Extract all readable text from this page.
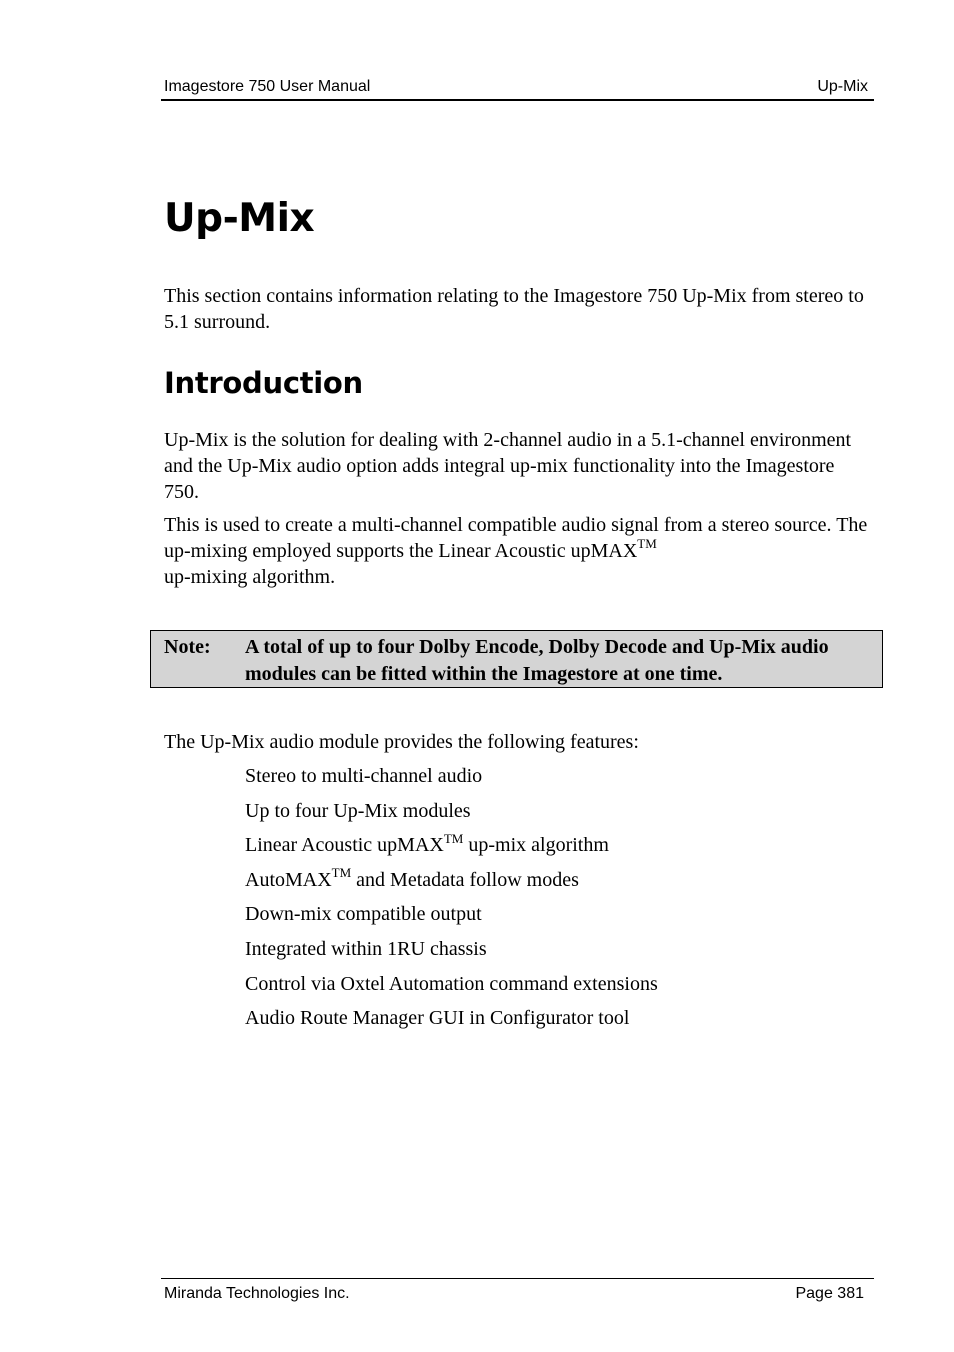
Imagestore 750 User Manual	Up-Mix
Up-Mix

This section contains information relating to the Imagestore 750 Up-Mix from stereo to 5.1 surround.

Introduction

Up-Mix is the solution for dealing with 2-channel audio in a 5.1-channel environment and the Up-Mix audio option adds integral up-mix functionality into the Imagestore 750.

This is used to create a multi-channel compatible audio signal from a stereo source. The up-mixing employed supports the Linear Acoustic upMAX™
up-mixing algorithm.

Note: A total of up to four Dolby Encode, Dolby Decode and Up-Mix audio modules can be fitted within the Imagestore at one time.

The Up-Mix audio module provides the following features:

Stereo to multi-channel audio
Up to four Up-Mix modules
Linear Acoustic upMAX™ up-mix algorithm
AutoMAX™ and Metadata follow modes
Down-mix compatible output
Integrated within 1RU chassis
Control via Oxtel Automation command extensions
Audio Route Manager GUI in Configurator tool
Miranda Technologies Inc.	Page 381
